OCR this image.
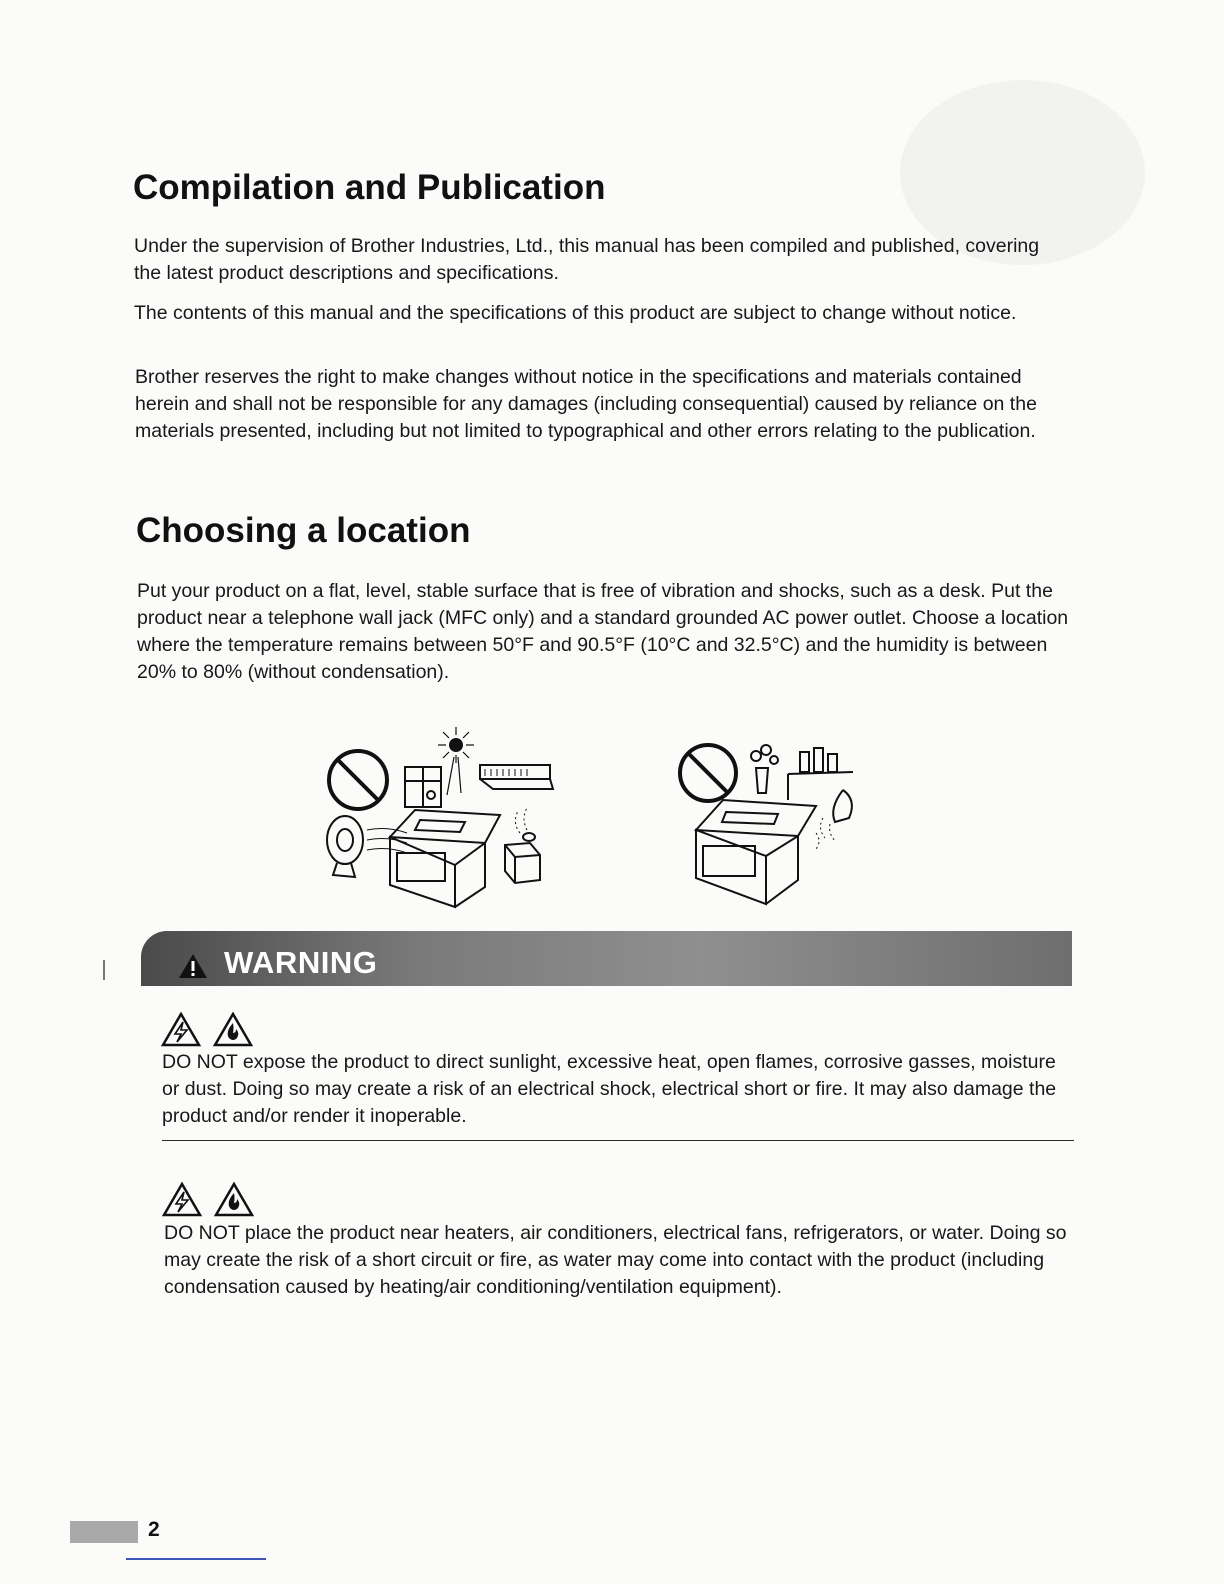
Compilation and Publication

Under the supervision of Brother Industries, Ltd., this manual has been compiled and published, covering the latest product descriptions and specifications.

The contents of this manual and the specifications of this product are subject to change without notice.

Brother reserves the right to make changes without notice in the specifications and materials contained herein and shall not be responsible for any damages (including consequential) caused by reliance on the materials presented, including but not limited to typographical and other errors relating to the publication.

Choosing a location

Put your product on a flat, level, stable surface that is free of vibration and shocks, such as a desk. Put the product near a telephone wall jack (MFC only) and a standard grounded AC power outlet. Choose a location where the temperature remains between 50°F and 90.5°F (10°C and 32.5°C) and the humidity is between 20% to 80% (without condensation).

WARNING

DO NOT expose the product to direct sunlight, excessive heat, open flames, corrosive gasses, moisture or dust. Doing so may create a risk of an electrical shock, electrical short or fire. It may also damage the product and/or render it inoperable.

DO NOT place the product near heaters, air conditioners, electrical fans, refrigerators, or water. Doing so may create the risk of a short circuit or fire, as water may come into contact with the product (including condensation caused by heating/air conditioning/ventilation equipment).

2
